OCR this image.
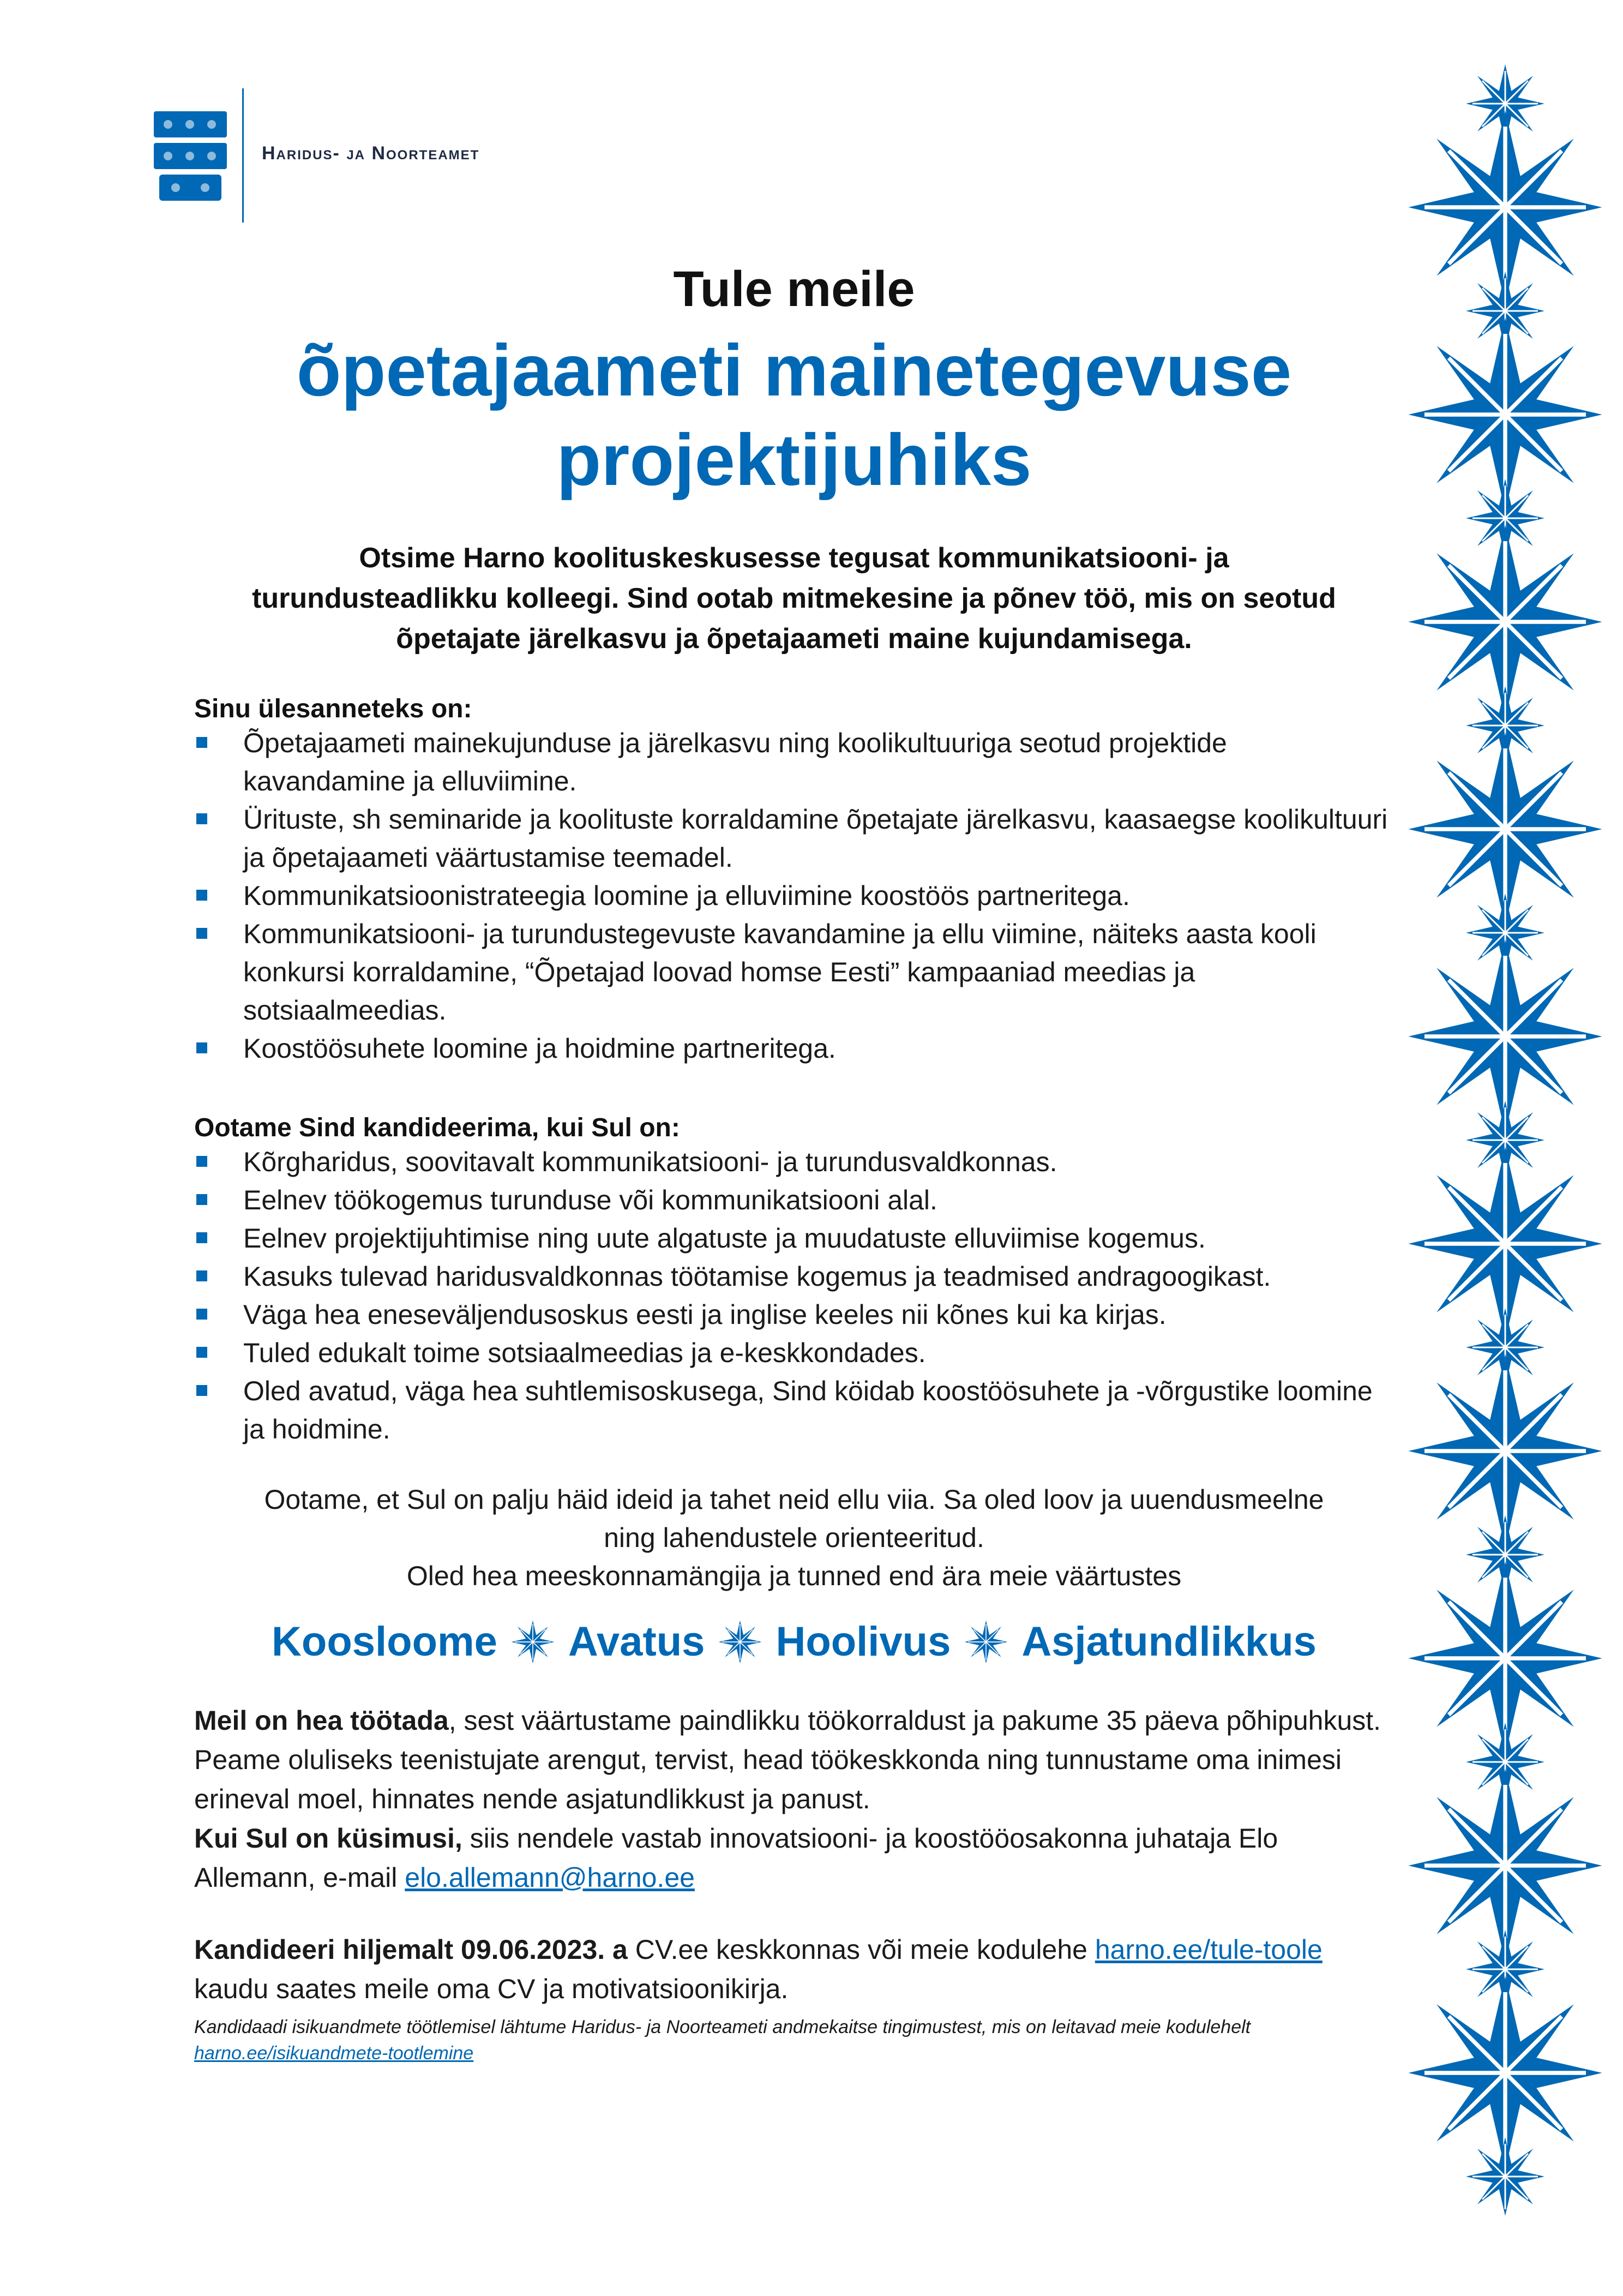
Haridus- ja Noorteamet
Tule meile
õpetajaameti mainetegevuse
projektijuhiks
Otsime Harno koolituskeskusesse tegusat kommunikatsiooni- ja
turundusteadlikku kolleegi. Sind ootab mitmekesine ja põnev töö, mis on seotud
õpetajate järelkasvu ja õpetajaameti maine kujundamisega.
Sinu ülesanneteks on:
Õpetajaameti mainekujunduse ja järelkasvu ning koolikultuuriga seotud projektide kavandamine ja elluviimine.
Ürituste, sh seminaride ja koolituste korraldamine õpetajate järelkasvu, kaasaegse koolikultuuri ja õpetajaameti väärtustamise teemadel.
Kommunikatsioonistrateegia loomine ja elluviimine koostöös partneritega.
Kommunikatsiooni- ja turundustegevuste kavandamine ja ellu viimine, näiteks aasta kooli konkursi korraldamine, “Õpetajad loovad homse Eesti” kampaaniad meedias ja sotsiaalmeedias.
Koostöösuhete loomine ja hoidmine partneritega.
Ootame Sind kandideerima, kui Sul on:
Kõrgharidus, soovitavalt kommunikatsiooni- ja turundusvaldkonnas.
Eelnev töökogemus turunduse või kommunikatsiooni alal.
Eelnev projektijuhtimise ning uute algatuste ja muudatuste elluviimise kogemus.
Kasuks tulevad haridusvaldkonnas töötamise kogemus ja teadmised andragoogikast.
Väga hea eneseväljendusoskus eesti ja inglise keeles nii kõnes kui ka kirjas.
Tuled edukalt toime sotsiaalmeedias ja e-keskkondades.
Oled avatud, väga hea suhtlemisoskusega, Sind köidab koostöösuhete ja -võrgustike loomine ja hoidmine.
Ootame, et Sul on palju häid ideid ja tahet neid ellu viia. Sa oled loov ja uuendusmeelne
ning lahendustele orienteeritud.
Oled hea meeskonnamängija ja tunned end ära meie väärtustes
Koosloome Avatus Hoolivus Asjatundlikkus
Meil on hea töötada, sest väärtustame paindlikku töökorraldust ja pakume 35 päeva põhipuhkust. Peame oluliseks teenistujate arengut, tervist, head töökeskkonda ning tunnustame oma inimesi erineval moel, hinnates nende asjatundlikkust ja panust.
Kui Sul on küsimusi, siis nendele vastab innovatsiooni- ja koostööosakonna juhataja Elo Allemann, e-mail elo.allemann@harno.ee
Kandideeri hiljemalt 09.06.2023. a CV.ee keskkonnas või meie kodulehe harno.ee/tule-toole kaudu saates meile oma CV ja motivatsioonikirja.
Kandidaadi isikuandmete töötlemisel lähtume Haridus- ja Noorteameti andmekaitse tingimustest, mis on leitavad meie kodulehelt harno.ee/isikuandmete-tootlemine
